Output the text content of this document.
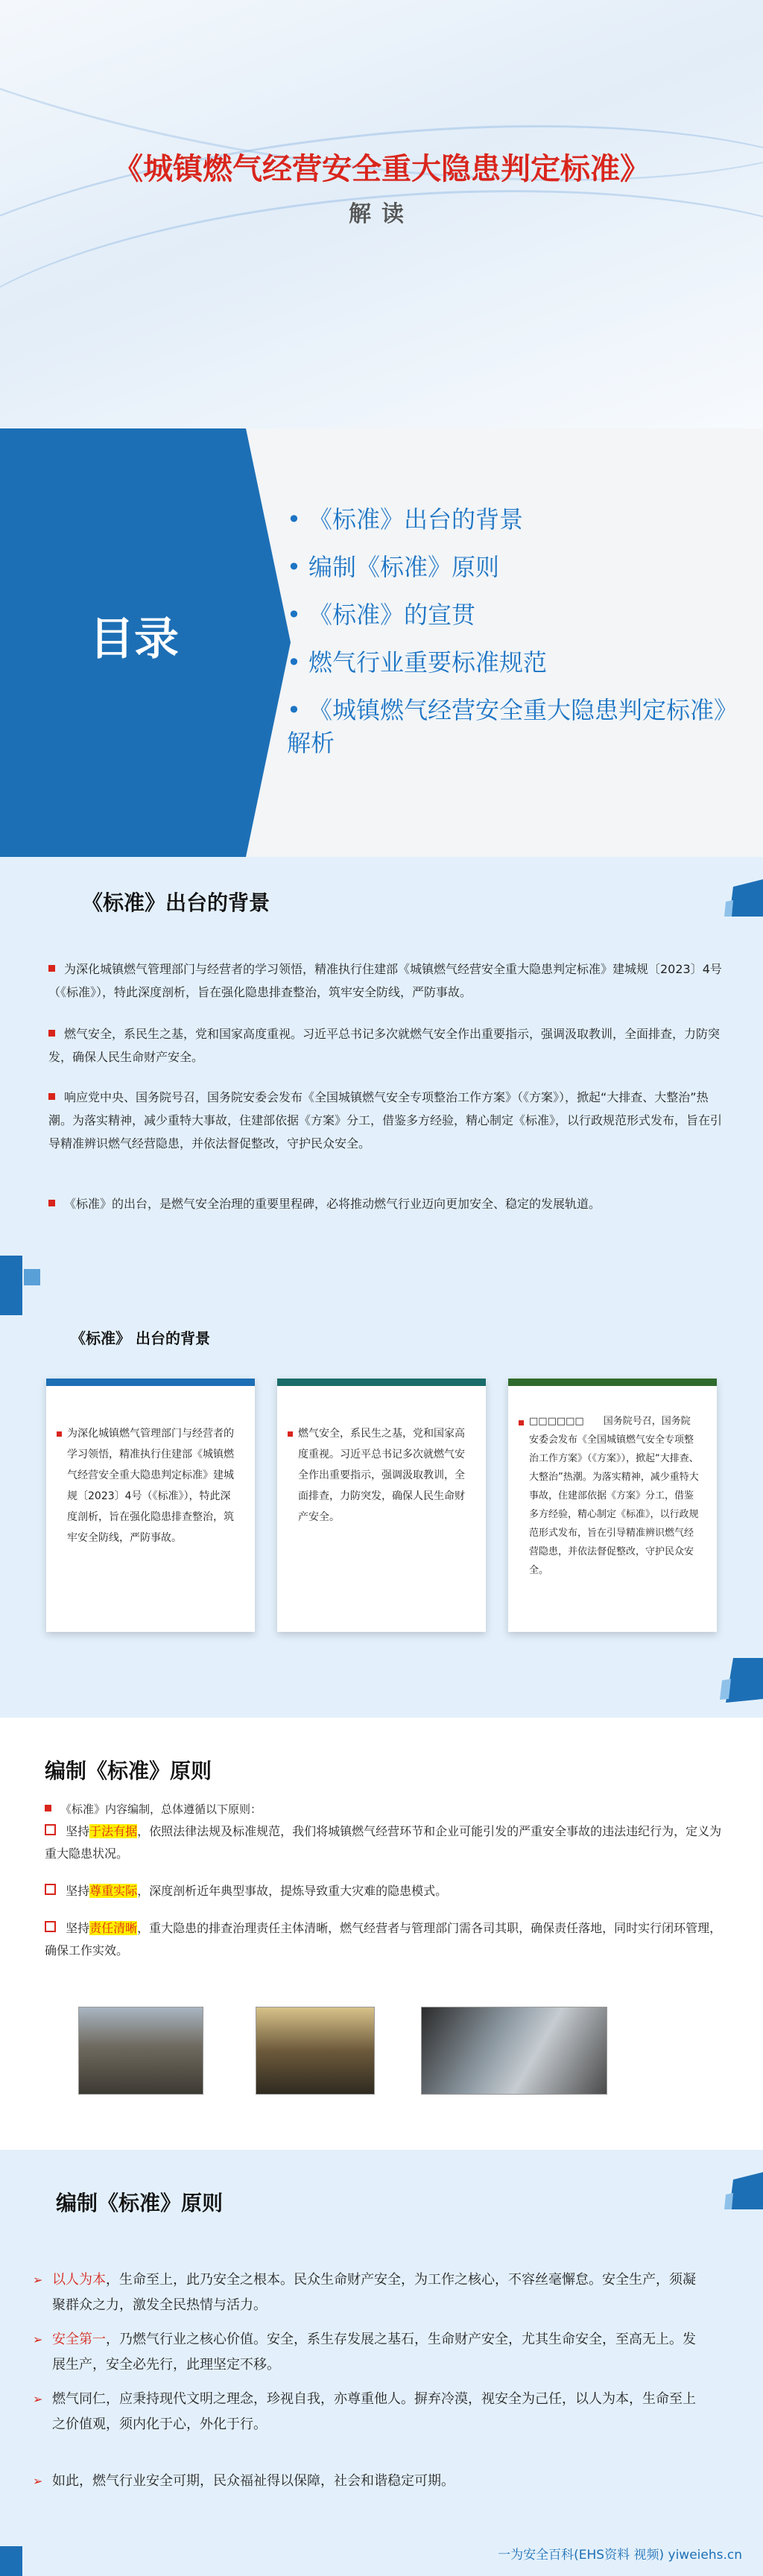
《城镇燃气经营安全重大隐患判定标准》
解读
目录
• 《标准》出台的背景
• 编制《标准》原则
• 《标准》的宣贯
• 燃气行业重要标准规范
• 《城镇燃气经营安全重大隐患判定标准》解析
《标准》出台的背景
为深化城镇燃气管理部门与经营者的学习领悟，精准执行住建部《城镇燃气经营安全重大隐患判定标准》建城规〔2023〕4号（《标准》），特此深度剖析，旨在强化隐患排查整治，筑牢安全防线，严防事故。
燃气安全，系民生之基，党和国家高度重视。习近平总书记多次就燃气安全作出重要指示，强调汲取教训，全面排查，力防突发，确保人民生命财产安全。
响应党中央、国务院号召，国务院安委会发布《全国城镇燃气安全专项整治工作方案》（《方案》），掀起“大排查、大整治”热潮。为落实精神，减少重特大事故，住建部依据《方案》分工，借鉴多方经验，精心制定《标准》，以行政规范形式发布，旨在引导精准辨识燃气经营隐患，并依法督促整改，守护民众安全。
《标准》的出台，是燃气安全治理的重要里程碑，必将推动燃气行业迈向更加安全、稳定的发展轨道。
《标准》 出台的背景
为深化城镇燃气管理部门与经营者的学习领悟，精准执行住建部《城镇燃气经营安全重大隐患判定标准》建城规〔2023〕4号（《标准》），特此深度剖析，旨在强化隐患排查整治，筑牢安全防线，严防事故。
燃气安全，系民生之基，党和国家高度重视。习近平总书记多次就燃气安全作出重要指示，强调汲取教训，全面排查，力防突发，确保人民生命财产安全。
□□□□□□　　国务院号召，国务院安委会发布《全国城镇燃气安全专项整治工作方案》（《方案》），掀起“大排查、大整治”热潮。为落实精神，减少重特大事故，住建部依据《方案》分工，借鉴多方经验，精心制定《标准》，以行政规范形式发布，旨在引导精准辨识燃气经营隐患，并依法督促整改，守护民众安全。
编制《标准》原则
《标准》内容编制，总体遵循以下原则：
坚持于法有据，依照法律法规及标准规范，我们将城镇燃气经营环节和企业可能引发的严重安全事故的违法违纪行为，定义为重大隐患状况。
坚持尊重实际，深度剖析近年典型事故，提炼导致重大灾难的隐患模式。
坚持责任清晰，重大隐患的排查治理责任主体清晰，燃气经营者与管理部门需各司其职，确保责任落地，同时实行闭环管理，确保工作实效。
编制《标准》原则
➢ 以人为本，生命至上，此乃安全之根本。民众生命财产安全，为工作之核心，不容丝毫懈怠。安全生产，须凝聚群众之力，激发全民热情与活力。
➢ 安全第一，乃燃气行业之核心价值。安全，系生存发展之基石，生命财产安全，尤其生命安全，至高无上。发展生产，安全必先行，此理坚定不移。
➢ 燃气同仁，应秉持现代文明之理念，珍视自我，亦尊重他人。摒弃冷漠，视安全为己任，以人为本，生命至上之价值观，须内化于心，外化于行。
➢ 如此，燃气行业安全可期，民众福祉得以保障，社会和谐稳定可期。
一为安全百科(EHS资料 视频) yiweiehs.cn
